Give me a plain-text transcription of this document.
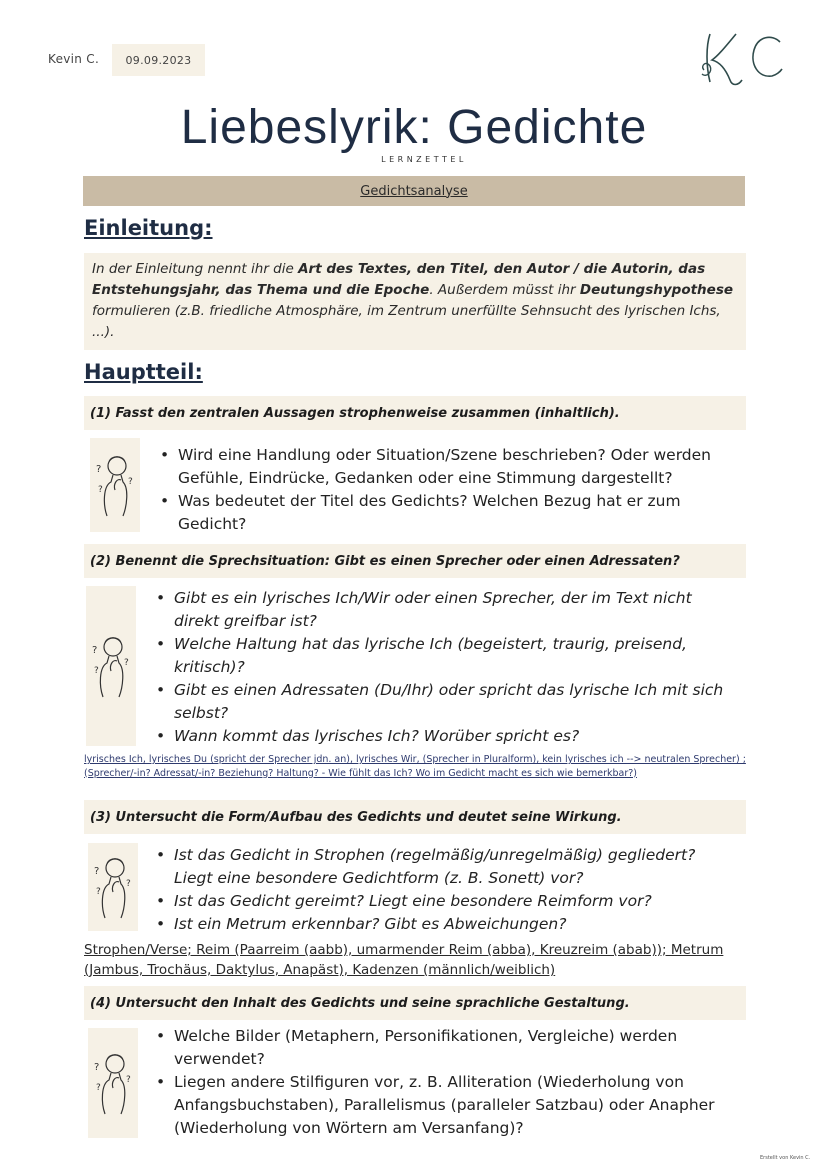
Kevin C.	09.09.2023
Liebeslyrik: Gedichte
LERNZETTEL
Gedichtsanalyse
Einleitung:
In der Einleitung nennt ihr die Art des Textes, den Titel, den Autor / die Autorin, das Entstehungsjahr, das Thema und die Epoche. Außerdem müsst ihr Deutungshypothese formulieren (z.B. friedliche Atmosphäre, im Zentrum unerfüllte Sehnsucht des lyrischen Ichs, ...).
Hauptteil:
(1) Fasst den zentralen Aussagen strophenweise zusammen (inhaltlich).
?
?
?
• Wird eine Handlung oder Situation/Szene beschrieben? Oder werden Gefühle, Eindrücke, Gedanken oder eine Stimmung dargestellt?
• Was bedeutet der Titel des Gedichts? Welchen Bezug hat er zum Gedicht?
(2) Benennt die Sprechsituation: Gibt es einen Sprecher oder einen Adressaten?
?
?
?
• Gibt es ein lyrisches Ich/Wir oder einen Sprecher, der im Text nicht direkt greifbar ist?
• Welche Haltung hat das lyrische Ich (begeistert, traurig, preisend, kritisch)?
• Gibt es einen Adressaten (Du/Ihr) oder spricht das lyrische Ich mit sich selbst?
• Wann kommt das lyrisches Ich? Worüber spricht es?
lyrisches Ich, lyrisches Du (spricht der Sprecher jdn. an), lyrisches Wir, (Sprecher in Pluralform), kein lyrisches ich --> neutralen Sprecher) ; (Sprecher/-in? Adressat/-in? Beziehung? Haltung? - Wie fühlt das Ich? Wo im Gedicht macht es sich wie bemerkbar?)
(3) Untersucht die Form/Aufbau des Gedichts und deutet seine Wirkung.
?
?
?
• Ist das Gedicht in Strophen (regelmäßig/unregelmäßig) gegliedert? Liegt eine besondere Gedichtform (z. B. Sonett) vor?
• Ist das Gedicht gereimt? Liegt eine besondere Reimform vor?
• Ist ein Metrum erkennbar? Gibt es Abweichungen?
Strophen/Verse; Reim (Paarreim (aabb), umarmender Reim (abba), Kreuzreim (abab)); Metrum (Jambus, Trochäus, Daktylus, Anapäst), Kadenzen (männlich/weiblich)
(4) Untersucht den Inhalt des Gedichts und seine sprachliche Gestaltung.
?
?
?
• Welche Bilder (Metaphern, Personifikationen, Vergleiche) werden verwendet?
• Liegen andere Stilfiguren vor, z. B. Alliteration (Wiederholung von Anfangsbuchstaben), Parallelismus (paralleler Satzbau) oder Anapher (Wiederholung von Wörtern am Versanfang)?
Erstellt von Kevin C.
